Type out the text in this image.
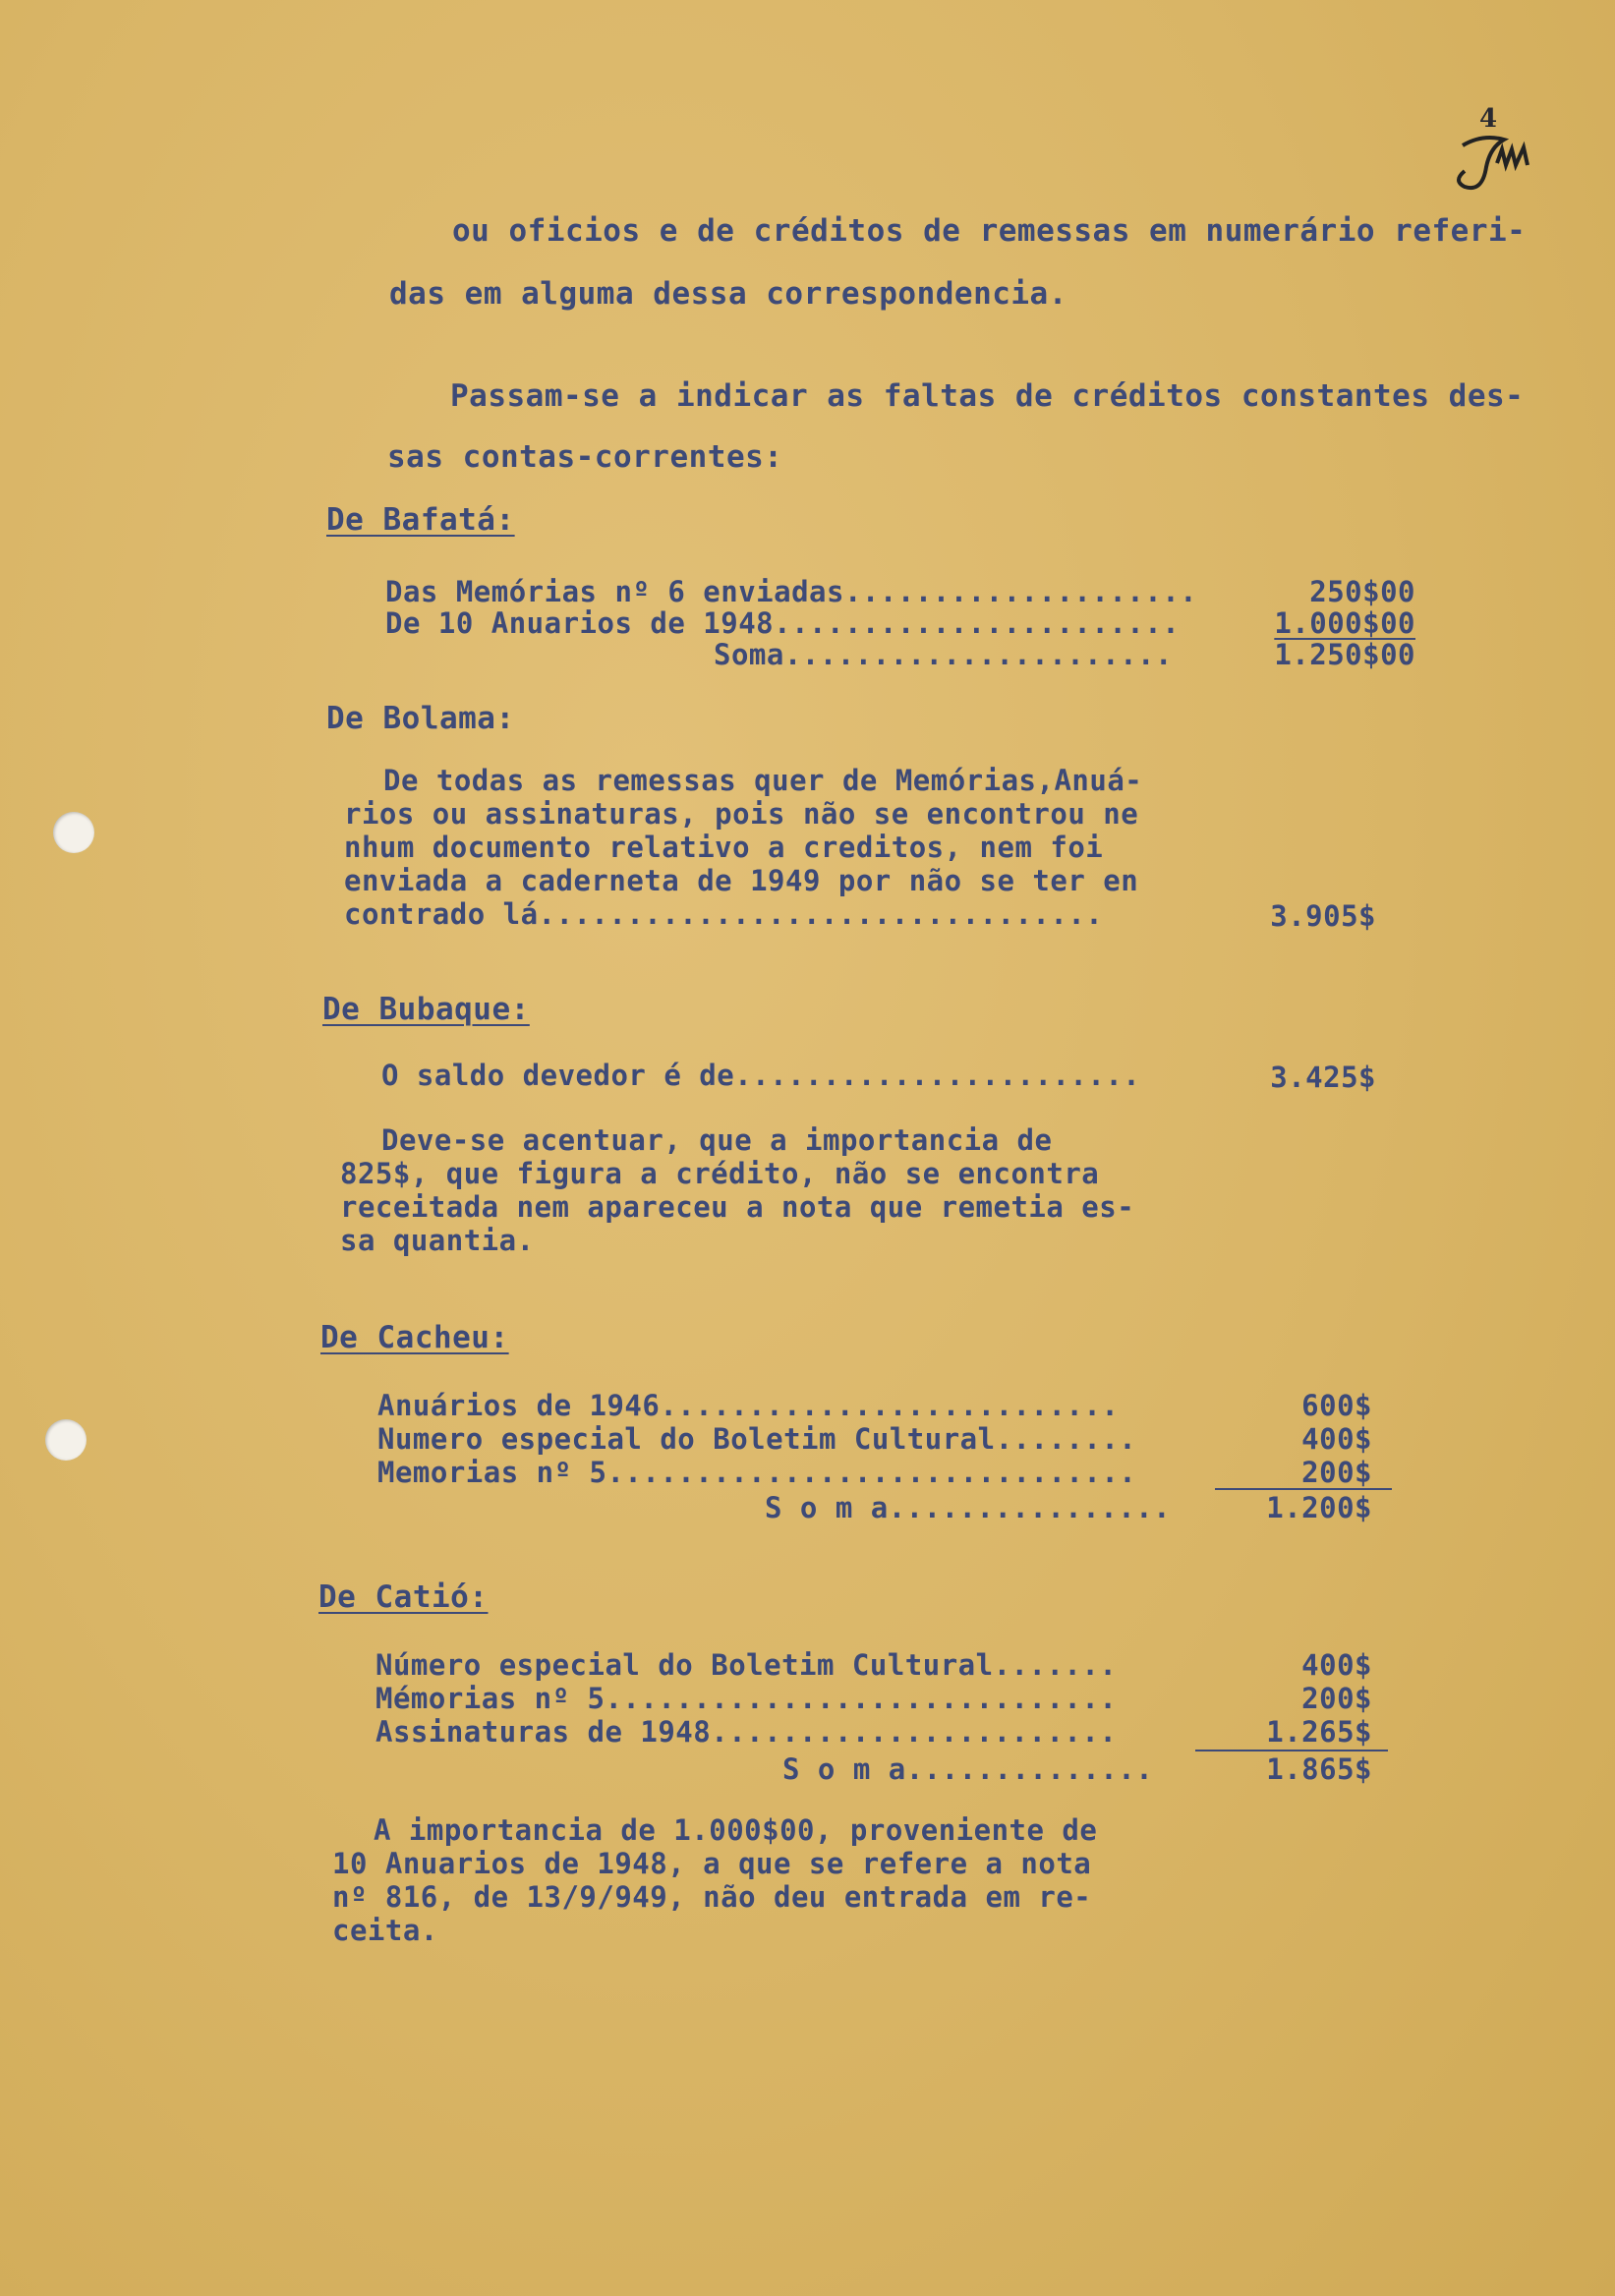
4
ou oficios e de créditos de remessas em numerário referi-
das em alguma dessa correspondencia.
Passam-se a indicar as faltas de créditos constantes des-
sas contas-correntes:
De Bafatá:
Das Memórias nº 6 enviadas....................	250$00
De 10 Anuarios de 1948.......................	1.000$00
Soma......................	1.250$00
De Bolama:
De todas as remessas quer de Memórias,Anuá-
rios ou assinaturas, pois não se encontrou ne
nhum documento relativo a creditos, nem foi
enviada a caderneta de 1949 por não se ter en
contrado lá................................	3.905$
De Bubaque:
O saldo devedor é de.......................	3.425$
Deve-se acentuar, que a importancia de
825$, que figura a crédito, não se encontra
receitada nem apareceu a nota que remetia es-
sa quantia.
De Cacheu:
Anuários de 1946..........................	600$
Numero especial do Boletim Cultural........	400$
Memorias nº 5..............................	200$
S o m a................	1.200$
De Catió:
Número especial do Boletim Cultural.......	400$
Mémorias nº 5.............................	200$
Assinaturas de 1948.......................	1.265$
S o m a..............	1.865$
A importancia de 1.000$00, proveniente de
10 Anuarios de 1948, a que se refere a nota
nº 816, de 13/9/949, não deu entrada em re-
ceita.
